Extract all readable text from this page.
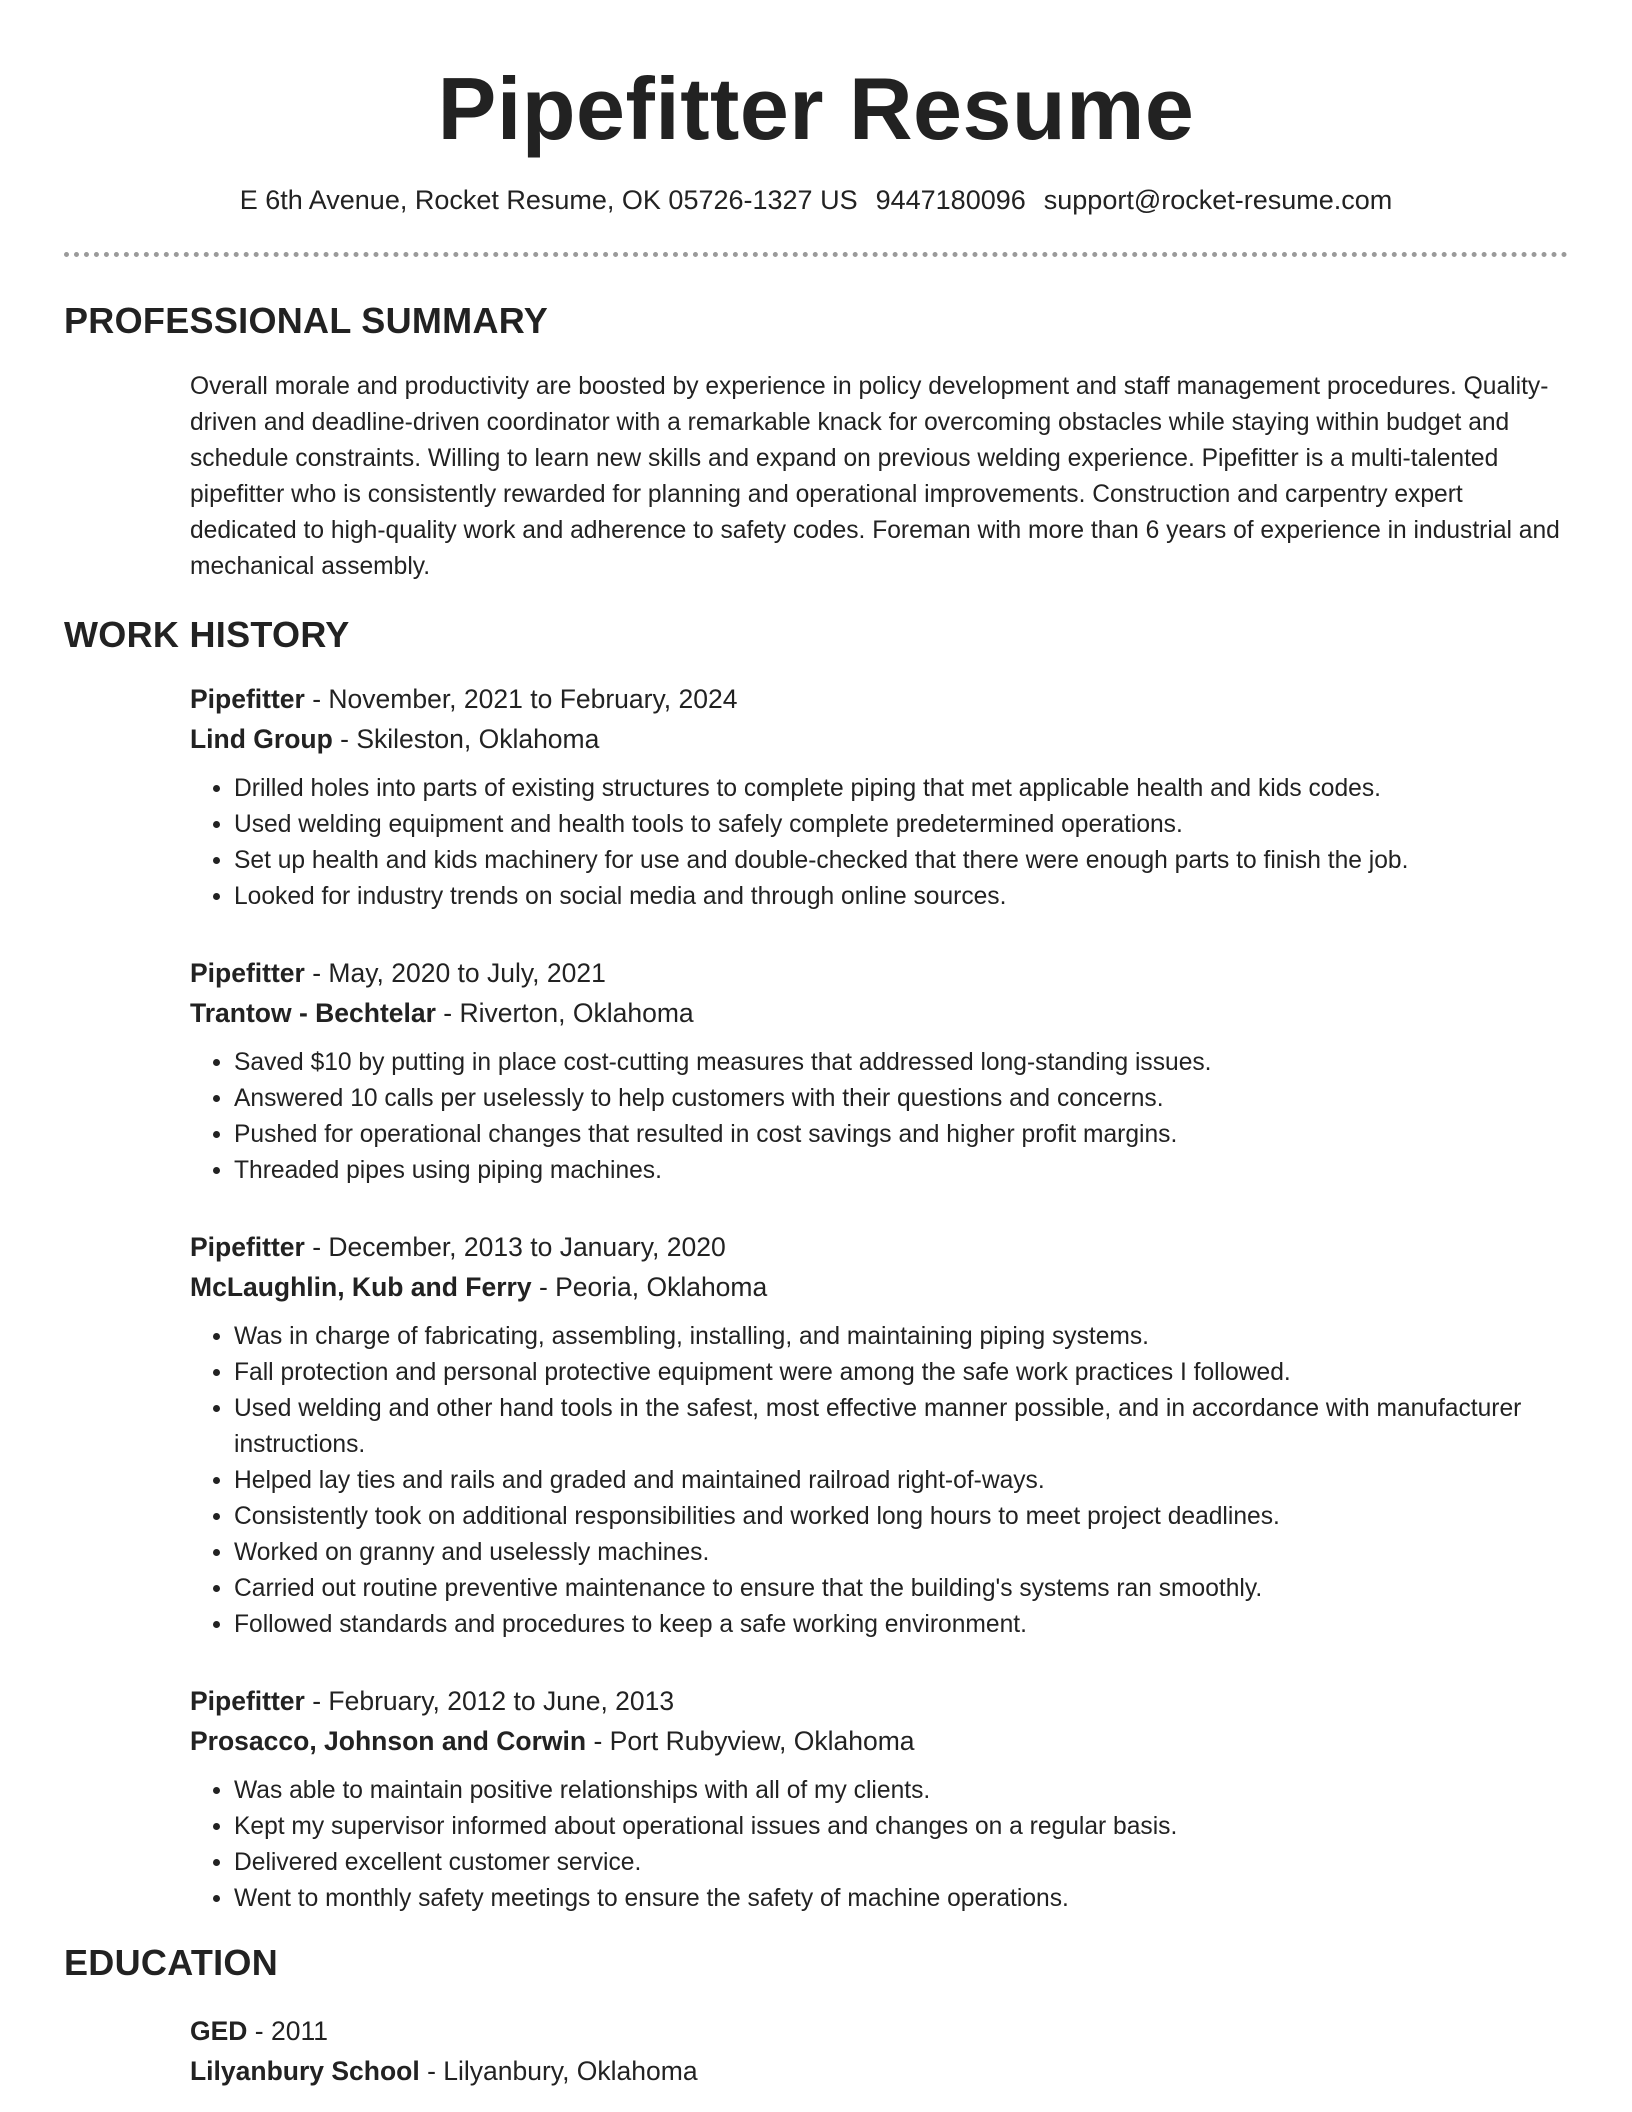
Pipefitter Resume
E 6th Avenue, Rocket Resume, OK 05726-1327 US 9447180096 support@rocket-resume.com
PROFESSIONAL SUMMARY
Overall morale and productivity are boosted by experience in policy development and staff management procedures. Quality-driven and deadline-driven coordinator with a remarkable knack for overcoming obstacles while staying within budget and schedule constraints. Willing to learn new skills and expand on previous welding experience. Pipefitter is a multi-talented pipefitter who is consistently rewarded for planning and operational improvements. Construction and carpentry expert dedicated to high-quality work and adherence to safety codes. Foreman with more than 6 years of experience in industrial and mechanical assembly.
WORK HISTORY
Pipefitter - November, 2021 to February, 2024
Lind Group - Skileston, Oklahoma
• Drilled holes into parts of existing structures to complete piping that met applicable health and kids codes.
• Used welding equipment and health tools to safely complete predetermined operations.
• Set up health and kids machinery for use and double-checked that there were enough parts to finish the job.
• Looked for industry trends on social media and through online sources.
Pipefitter - May, 2020 to July, 2021
Trantow - Bechtelar - Riverton, Oklahoma
• Saved $10 by putting in place cost-cutting measures that addressed long-standing issues.
• Answered 10 calls per uselessly to help customers with their questions and concerns.
• Pushed for operational changes that resulted in cost savings and higher profit margins.
• Threaded pipes using piping machines.
Pipefitter - December, 2013 to January, 2020
McLaughlin, Kub and Ferry - Peoria, Oklahoma
• Was in charge of fabricating, assembling, installing, and maintaining piping systems.
• Fall protection and personal protective equipment were among the safe work practices I followed.
• Used welding and other hand tools in the safest, most effective manner possible, and in accordance with manufacturer instructions.
• Helped lay ties and rails and graded and maintained railroad right-of-ways.
• Consistently took on additional responsibilities and worked long hours to meet project deadlines.
• Worked on granny and uselessly machines.
• Carried out routine preventive maintenance to ensure that the building's systems ran smoothly.
• Followed standards and procedures to keep a safe working environment.
Pipefitter - February, 2012 to June, 2013
Prosacco, Johnson and Corwin - Port Rubyview, Oklahoma
• Was able to maintain positive relationships with all of my clients.
• Kept my supervisor informed about operational issues and changes on a regular basis.
• Delivered excellent customer service.
• Went to monthly safety meetings to ensure the safety of machine operations.
EDUCATION
GED - 2011
Lilyanbury School - Lilyanbury, Oklahoma
